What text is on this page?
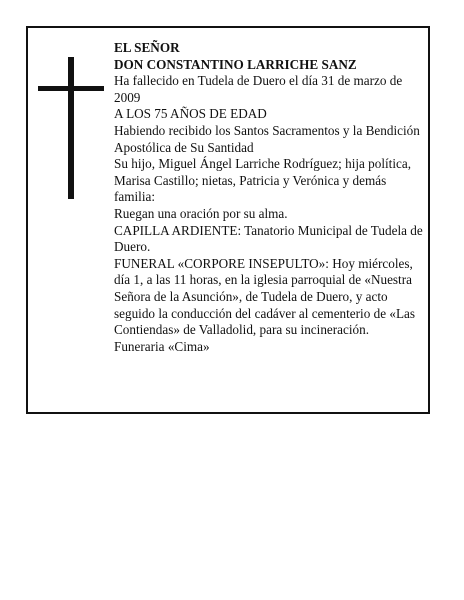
EL SEÑOR

DON CONSTANTINO LARRICHE SANZ

Ha fallecido en Tudela de Duero el día 31 de marzo de 2009

A LOS 75 AÑOS DE EDAD

Habiendo recibido los Santos Sacramentos y la Bendición Apostólica de Su Santidad

Su hijo, Miguel Ángel Larriche Rodríguez; hija política, Marisa Castillo; nietas, Patricia y Verónica y demás familia:

Ruegan una oración por su alma.

CAPILLA ARDIENTE: Tanatorio Municipal de Tudela de Duero.

FUNERAL «CORPORE INSEPULTO»: Hoy miércoles, día 1, a las 11 horas, en la iglesia parroquial de «Nuestra Señora de la Asunción», de Tudela de Duero, y acto seguido la conducción del cadáver al cementerio de «Las Contiendas» de Valladolid, para su incineración.

Funeraria «Cima»
